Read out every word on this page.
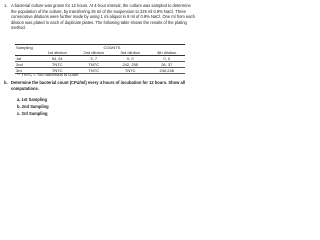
1. A bacterial culture was grown for 12 hours. At 4-hour interval, the culture was sampled to determine the population of the culture, by transferring 25 ml of the suspension to 225 ml 0.9% NaCl. Three consecutive dilutions were further made by using 1 ml aliquot in 9 ml of 0.9% NaCl. One ml from each dilution was plated in each of duplicate plates. The following table shows the results of the plating method.
Sampling	COUNTS			
	1st dilution	2nd dilution	3rd dilution	4th dilution
1st	54, 61	3, 7	0, 0	0, 0
2nd	TNTC	TNTC	242, 255	26, 37
3rd	TNTC	TNTC	TNTC	240,246
** TNTC = Too numerous to count
b. Determine the bacterial count (CFU/ml) every 4 hours of incubation for 12 hours. Show all computations.
a. 1st Sampling
b. 2nd Sampling
c. 3rd Sampling
